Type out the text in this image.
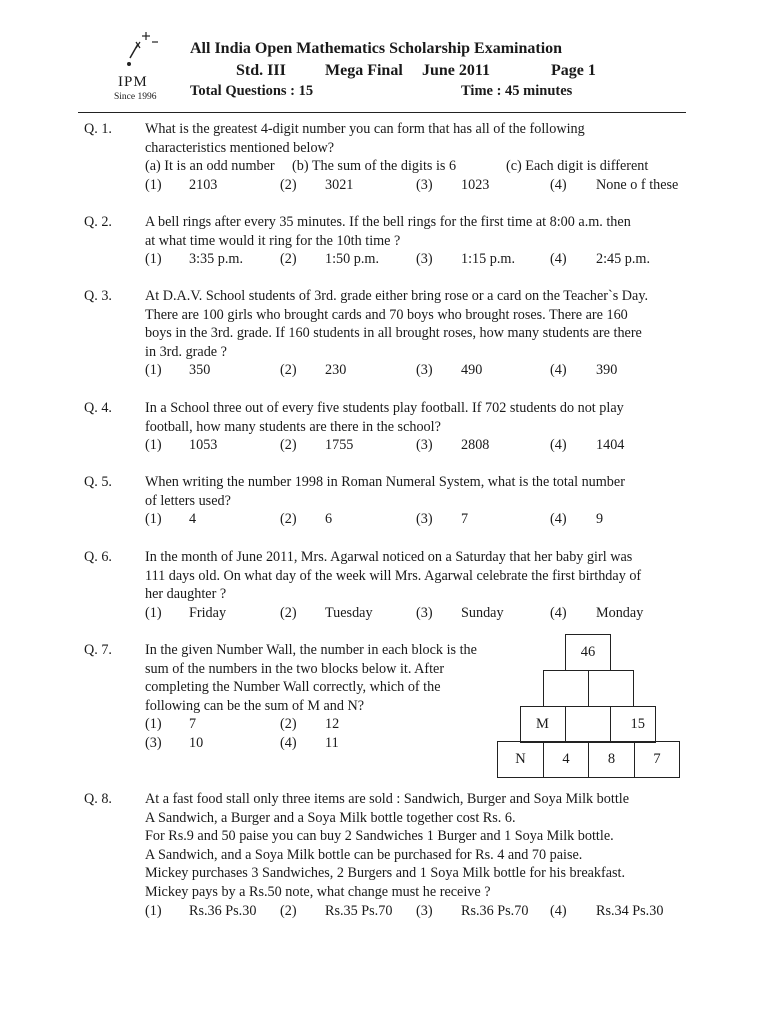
IPM
Since 1996
All India Open Mathematics Scholarship Examination
Std. III Mega Final June 2011	Page 1
Total Questions : 15	Time : 45 minutes
Q. 1. What is the greatest 4-digit number you can form that has all of the following
characteristics mentioned below?
(a) It is an odd number (b) The sum of the digits is 6	(c) Each digit is different
(1) 2103	(2) 3021	(3) 1023	(4) None o f these
Q. 2. A bell rings after every 35 minutes. If the bell rings for the first time at 8:00 a.m. then
at what time would it ring for the 10th time ?
(1) 3:35 p.m.	(2) 1:50 p.m.	(3) 1:15 p.m. (4) 2:45 p.m.
Q. 3. At D.A.V. School students of 3rd. grade either bring rose or a card on the Teacher`s Day.
There are 100 girls who brought cards and 70 boys who brought roses. There are 160
boys in the 3rd. grade. If 160 students in all brought roses, how many students are there
in 3rd. grade ?
(1) 350	(2) 230	(3) 490	(4) 390
Q. 4. In a School three out of every five students play football. If 702 students do not play
football, how many students are there in the school?
(1) 1053	(2) 1755	(3) 2808	(4) 1404
Q. 5. When writing the number 1998 in Roman Numeral System, what is the total number
of letters used?
(1) 4	(2) 6	(3) 7	(4) 9
Q. 6. In the month of June 2011, Mrs. Agarwal noticed on a Saturday that her baby girl was
111 days old. On what day of the week will Mrs. Agarwal celebrate the first birthday of
her daughter ?
(1) Friday	(2) Tuesday	(3) Sunday	(4) Monday
Q. 7. In the given Number Wall, the number in each block is the
sum of the numbers in the two blocks below it. After
completing the Number Wall correctly, which of the
following can be the sum of M and N?
(1) 7	(2) 12
(3) 10	(4) 11
46
M	15
N	4	8	7
Q. 8. At a fast food stall only three items are sold : Sandwich, Burger and Soya Milk bottle
A Sandwich, a Burger and a Soya Milk bottle together cost Rs. 6.
For Rs.9 and 50 paise you can buy 2 Sandwiches 1 Burger and 1 Soya Milk bottle.
A Sandwich, and a Soya Milk bottle can be purchased for Rs. 4 and 70 paise.
Mickey purchases 3 Sandwiches, 2 Burgers and 1 Soya Milk bottle for his breakfast.
Mickey pays by a Rs.50 note, what change must he receive ?
(1) Rs.36 Ps.30 (2) Rs.35 Ps.70 (3) Rs.36 Ps.70 (4) Rs.34 Ps.30
